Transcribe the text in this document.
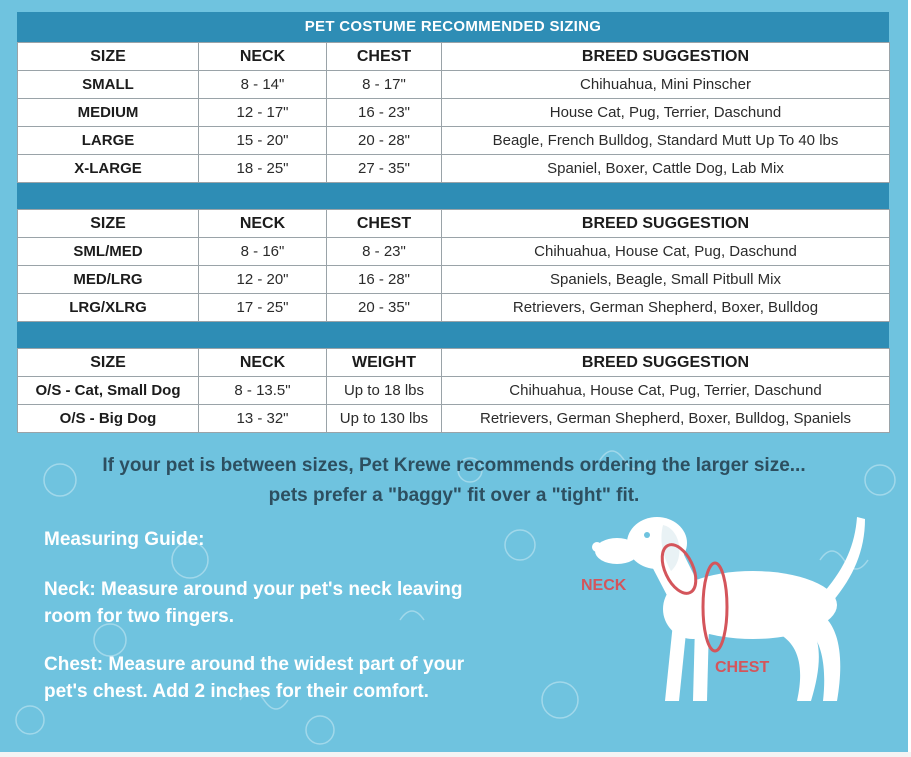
PET COSTUME RECOMMENDED SIZING
SIZE	NECK	CHEST	BREED SUGGESTION
SMALL	8 - 14"	8 - 17"	Chihuahua, Mini Pinscher
MEDIUM	12 - 17"	16 - 23"	House Cat, Pug, Terrier, Daschund
LARGE	15 - 20"	20 - 28"	Beagle, French Bulldog, Standard Mutt Up To 40 lbs
X-LARGE	18 - 25"	27 - 35"	Spaniel, Boxer, Cattle Dog, Lab Mix
SIZE	NECK	CHEST	BREED SUGGESTION
SML/MED	8 - 16"	8 - 23"	Chihuahua, House Cat, Pug, Daschund
MED/LRG	12 - 20"	16 - 28"	Spaniels, Beagle, Small Pitbull Mix
LRG/XLRG	17 - 25"	20 - 35"	Retrievers, German Shepherd, Boxer, Bulldog
SIZE	NECK	WEIGHT	BREED SUGGESTION
O/S - Cat, Small Dog	8 - 13.5"	Up to 18 lbs	Chihuahua, House Cat, Pug, Terrier, Daschund
O/S - Big Dog	13 - 32"	Up to 130 lbs	Retrievers, German Shepherd, Boxer, Bulldog, Spaniels
If your pet is between sizes, Pet Krewe recommends ordering the larger size...
pets prefer a "baggy" fit over a "tight" fit.
Measuring Guide:
Neck: Measure around your pet's neck leaving
room for two fingers.
Chest: Measure around the widest part of your
pet's chest. Add 2 inches for their comfort.
NECK
CHEST
